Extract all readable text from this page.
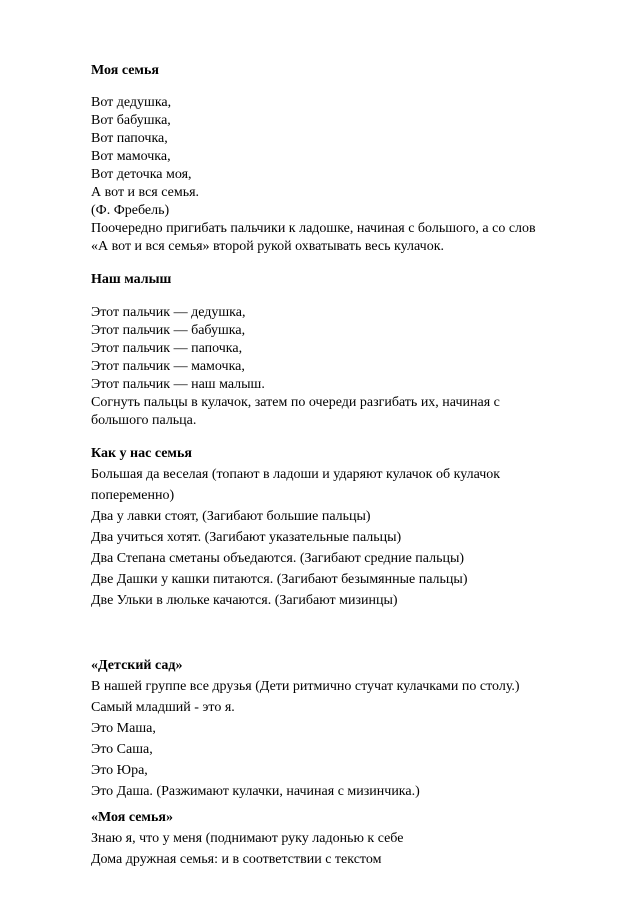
Моя семья

Вот дедушка,

Вот бабушка,

Вот папочка,

Вот мамочка,

Вот деточка моя,

А вот и вся семья.

(Ф. Фребель)

Поочередно пригибать пальчики к ладошке, начиная с большого, а со слов

«А вот и вся семья» второй рукой охватывать весь кулачок.

Наш малыш

Этот пальчик — дедушка,

Этот пальчик — бабушка,

Этот пальчик — папочка,

Этот пальчик — мамочка,

Этот пальчик — наш малыш.

Согнуть пальцы в кулачок, затем по очереди разгибать их, начиная с

большого пальца.

Как у нас семья

Большая да веселая (топают в ладоши и ударяют кулачок об кулачок

попеременно)

Два у лавки стоят, (Загибают большие пальцы)

Два учиться хотят. (Загибают указательные пальцы)

Два Степана сметаны объедаются. (Загибают средние пальцы)

Две Дашки у кашки питаются. (Загибают безымянные пальцы)

Две Ульки в люльке качаются. (Загибают мизинцы)

«Детский сад»

В нашей группе все друзья (Дети ритмично стучат кулачками по столу.)

Самый младший - это я.

Это Маша,

Это Саша,

Это Юра,

Это Даша. (Разжимают кулачки, начиная с мизинчика.)

«Моя семья»

Знаю я, что у меня (поднимают руку ладонью к себе

Дома дружная семья: и в соответствии с текстом
